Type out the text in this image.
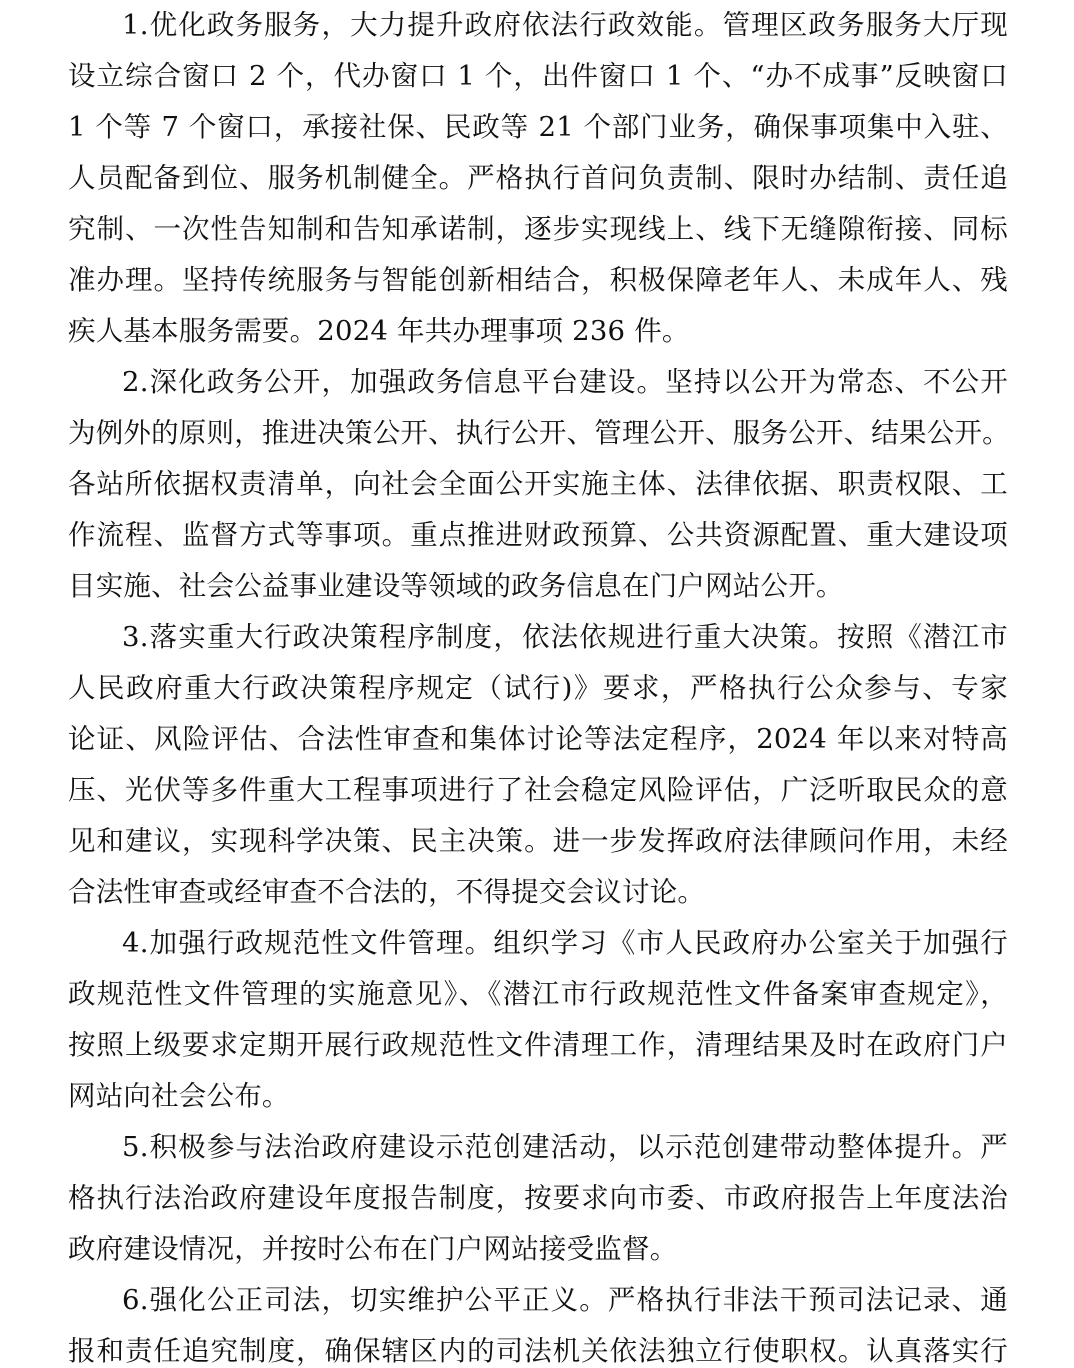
1.优化政务服务，大力提升政府依法行政效能。管理区政务服务大厅现
设立综合窗口 2 个，代办窗口 1 个，出件窗口 1 个、“办不成事”反映窗口
1 个等 7 个窗口，承接社保、民政等 21 个部门业务，确保事项集中入驻、
人员配备到位、服务机制健全。严格执行首问负责制、限时办结制、责任追
究制、一次性告知制和告知承诺制，逐步实现线上、线下无缝隙衔接、同标
准办理。坚持传统服务与智能创新相结合，积极保障老年人、未成年人、残
疾人基本服务需要。2024 年共办理事项 236 件。
2.深化政务公开，加强政务信息平台建设。坚持以公开为常态、不公开
为例外的原则，推进决策公开、执行公开、管理公开、服务公开、结果公开。
各站所依据权责清单，向社会全面公开实施主体、法律依据、职责权限、工
作流程、监督方式等事项。重点推进财政预算、公共资源配置、重大建设项
目实施、社会公益事业建设等领域的政务信息在门户网站公开。
3.落实重大行政决策程序制度，依法依规进行重大决策。按照《潜江市
人民政府重大行政决策程序规定（试行)》要求，严格执行公众参与、专家
论证、风险评估、合法性审查和集体讨论等法定程序，2024 年以来对特高
压、光伏等多件重大工程事项进行了社会稳定风险评估，广泛听取民众的意
见和建议，实现科学决策、民主决策。进一步发挥政府法律顾问作用，未经
合法性审查或经审查不合法的，不得提交会议讨论。
4.加强行政规范性文件管理。组织学习《市人民政府办公室关于加强行
政规范性文件管理的实施意见》、《潜江市行政规范性文件备案审查规定》，
按照上级要求定期开展行政规范性文件清理工作，清理结果及时在政府门户
网站向社会公布。
5.积极参与法治政府建设示范创建活动，以示范创建带动整体提升。严
格执行法治政府建设年度报告制度，按要求向市委、市政府报告上年度法治
政府建设情况，并按时公布在门户网站接受监督。
6.强化公正司法，切实维护公平正义。严格执行非法干预司法记录、通
报和责任追究制度，确保辖区内的司法机关依法独立行使职权。认真落实行
